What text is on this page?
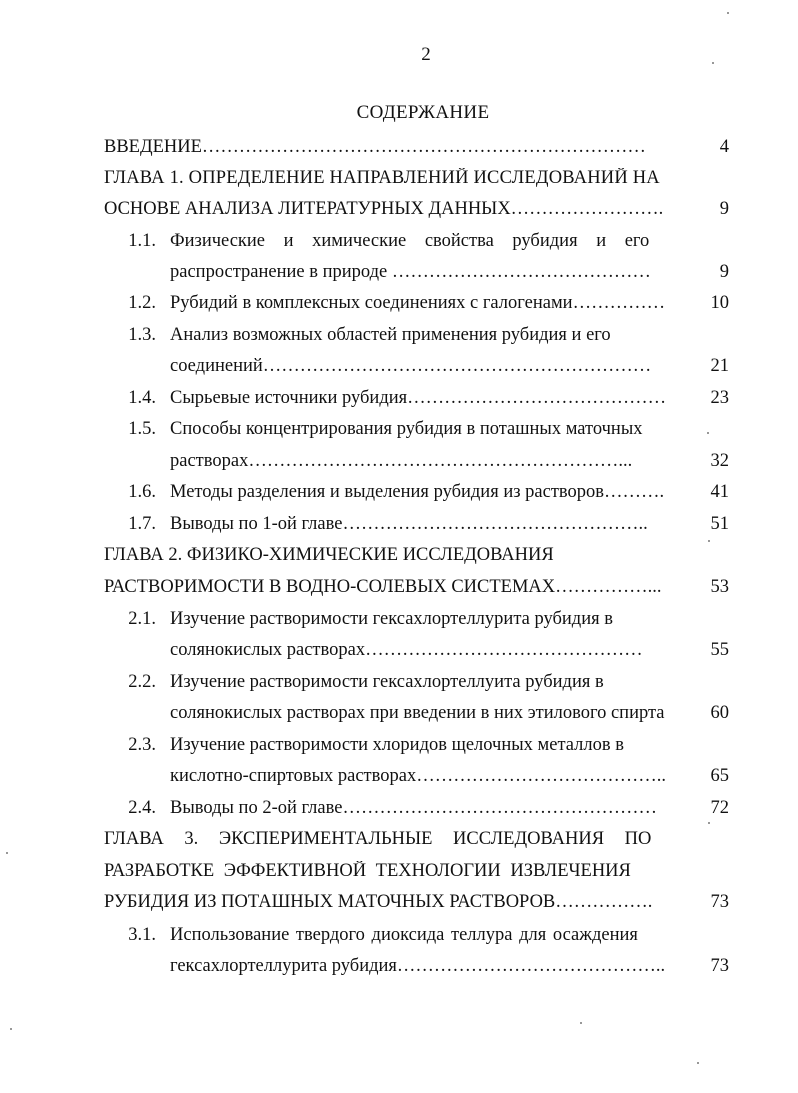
2
СОДЕРЖАНИЕ
ВВЕДЕНИЕ………………………………………………………………	4
ГЛАВА 1. ОПРЕДЕЛЕНИЕ НАПРАВЛЕНИЙ ИССЛЕДОВАНИЙ НА
ОСНОВЕ АНАЛИЗА ЛИТЕРАТУРНЫХ ДАННЫХ…………………….	9
1.1. Физические и химические свойства рубидия и его
распространение в природе ……………………………………	9
1.2. Рубидий в комплексных соединениях с галогенами……………	10
1.3. Анализ возможных областей применения рубидия и его
соединений………………………………………………………	21
1.4. Сырьевые источники рубидия……………………………………	23
1.5. Способы концентрирования рубидия в поташных маточных
растворах……………………………………………………...	32
1.6. Методы разделения и выделения рубидия из растворов……….	41
1.7. Выводы по 1-ой главе…………………………………………..	51
ГЛАВА 2. ФИЗИКО-ХИМИЧЕСКИЕ ИССЛЕДОВАНИЯ
РАСТВОРИМОСТИ В ВОДНО-СОЛЕВЫХ СИСТЕМАХ……………...	53
2.1. Изучение растворимости гексахлортеллурита рубидия в
солянокислых растворах………………………………………	55
2.2. Изучение растворимости гексахлортеллуита рубидия в
солянокислых растворах при введении в них этилового спирта	60
2.3. Изучение растворимости хлоридов щелочных металлов в
кислотно-спиртовых растворах…………………………………..	65
2.4. Выводы по 2-ой главе……………………………………………	72
ГЛАВА 3. ЭКСПЕРИМЕНТАЛЬНЫЕ ИССЛЕДОВАНИЯ ПО
РАЗРАБОТКЕ ЭФФЕКТИВНОЙ ТЕХНОЛОГИИ ИЗВЛЕЧЕНИЯ
РУБИДИЯ ИЗ ПОТАШНЫХ МАТОЧНЫХ РАСТВОРОВ…………….	73
3.1. Использование твердого диоксида теллура для осаждения
гексахлортеллурита рубидия……………………………………..	73
